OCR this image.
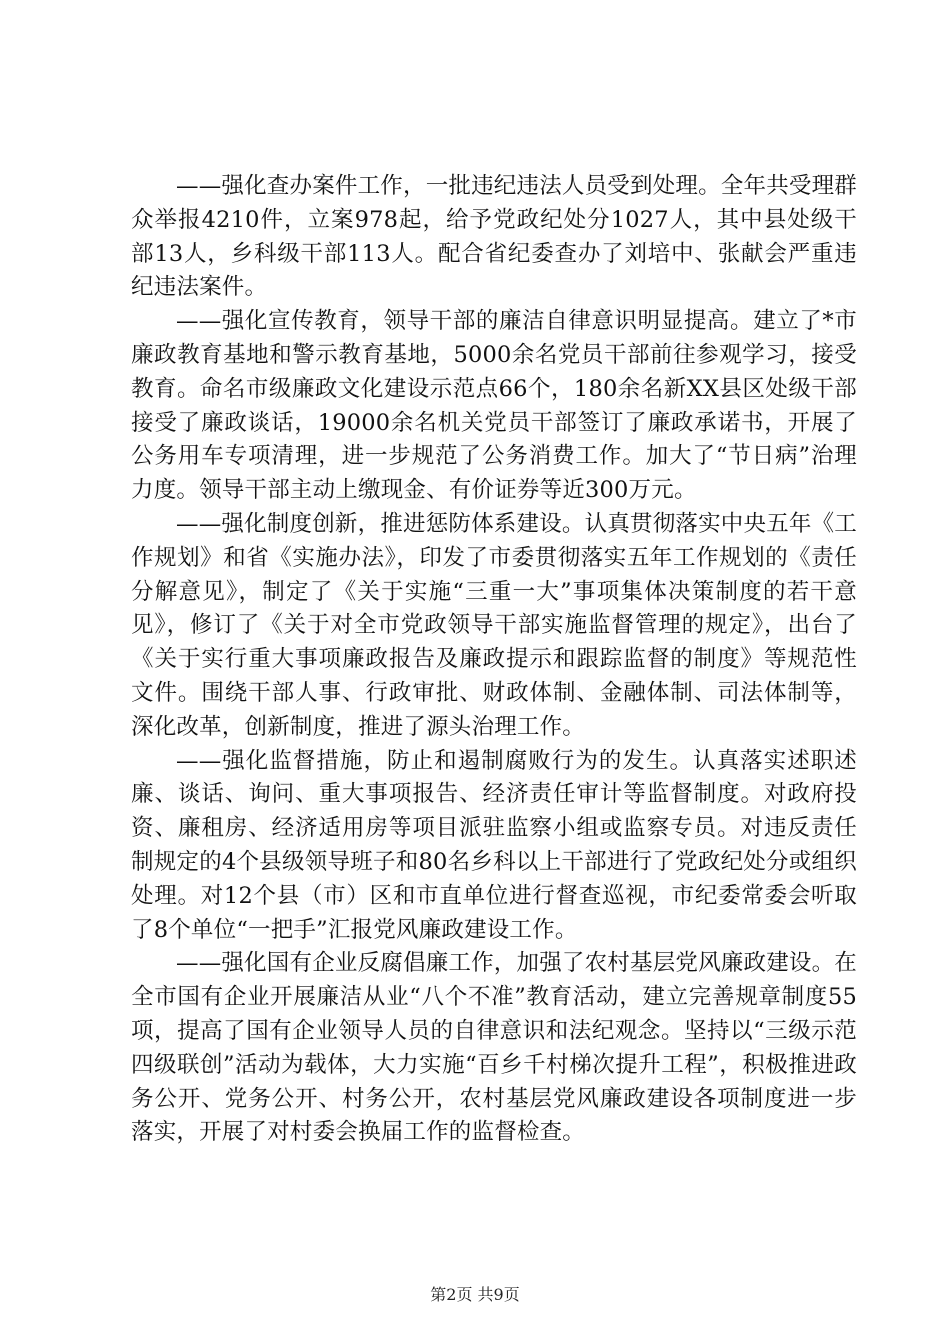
——强化查办案件工作，一批违纪违法人员受到处理。全年共受理群众举报4210件，立案978起，给予党政纪处分1027人，其中县处级干部13人，乡科级干部113人。配合省纪委查办了刘培中、张献会严重违纪违法案件。

——强化宣传教育，领导干部的廉洁自律意识明显提高。建立了*市廉政教育基地和警示教育基地，5000余名党员干部前往参观学习，接受教育。命名市级廉政文化建设示范点66个，180余名新XX县区处级干部接受了廉政谈话，19000余名机关党员干部签订了廉政承诺书，开展了公务用车专项清理，进一步规范了公务消费工作。加大了“节日病”治理力度。领导干部主动上缴现金、有价证券等近300万元。

——强化制度创新，推进惩防体系建设。认真贯彻落实中央五年《工作规划》和省《实施办法》，印发了市委贯彻落实五年工作规划的《责任分解意见》，制定了《关于实施“三重一大”事项集体决策制度的若干意见》，修订了《关于对全市党政领导干部实施监督管理的规定》，出台了《关于实行重大事项廉政报告及廉政提示和跟踪监督的制度》等规范性文件。围绕干部人事、行政审批、财政体制、金融体制、司法体制等，深化改革，创新制度，推进了源头治理工作。

——强化监督措施，防止和遏制腐败行为的发生。认真落实述职述廉、谈话、询问、重大事项报告、经济责任审计等监督制度。对政府投资、廉租房、经济适用房等项目派驻监察小组或监察专员。对违反责任制规定的4个县级领导班子和80名乡科以上干部进行了党政纪处分或组织处理。对12个县（市）区和市直单位进行督查巡视，市纪委常委会听取了8个单位“一把手”汇报党风廉政建设工作。

——强化国有企业反腐倡廉工作，加强了农村基层党风廉政建设。在全市国有企业开展廉洁从业“八个不准”教育活动，建立完善规章制度55项，提高了国有企业领导人员的自律意识和法纪观念。坚持以“三级示范四级联创”活动为载体，大力实施“百乡千村梯次提升工程”，积极推进政务公开、党务公开、村务公开，农村基层党风廉政建设各项制度进一步落实，开展了对村委会换届工作的监督检查。

第2页 共9页
